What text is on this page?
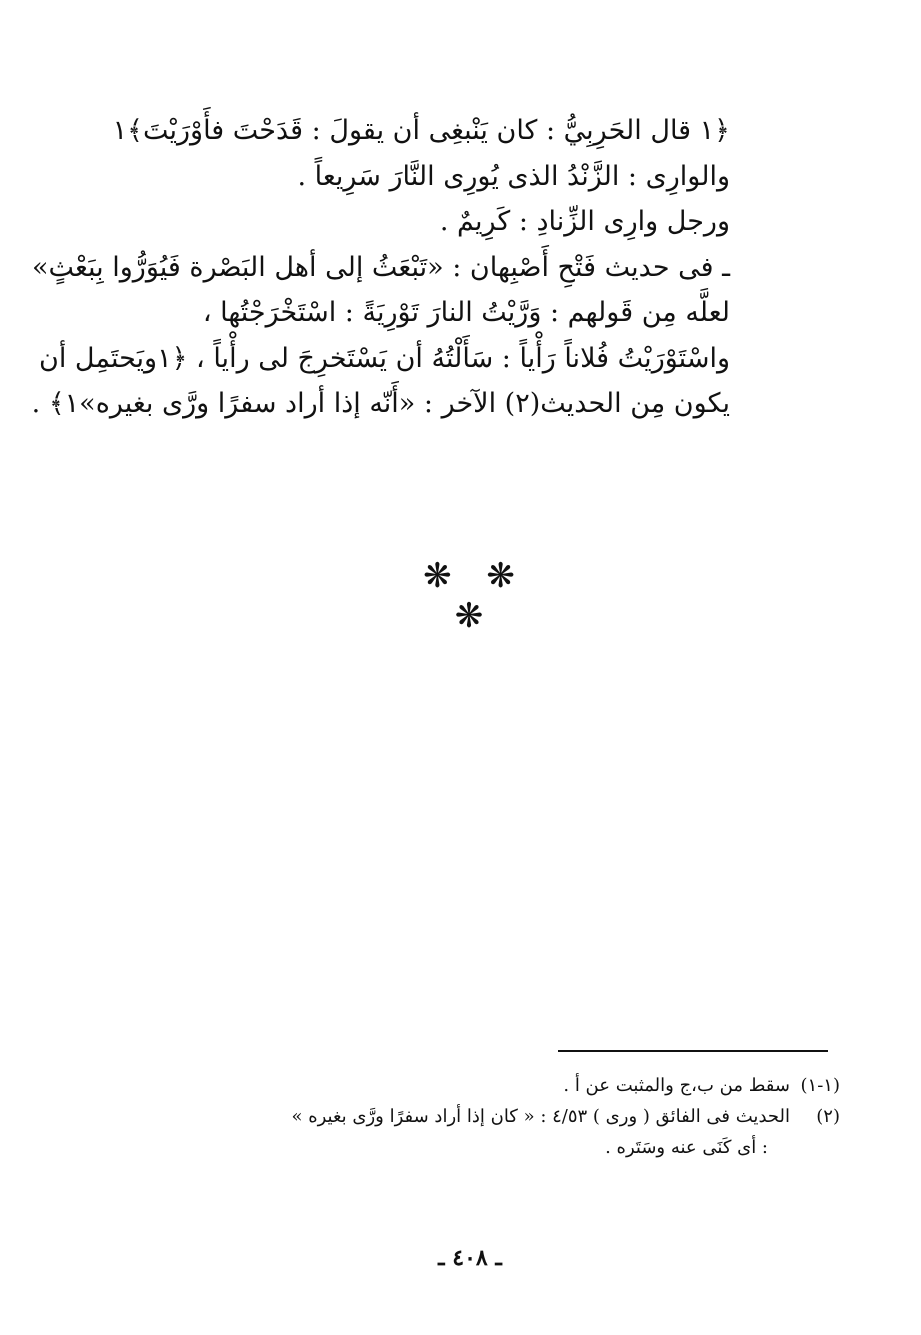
﴿١ قال الحَرِبِيُّ : كان يَنْبغِى أن يقولَ : قَدَحْتَ فأَوْرَيْتَ﴾١
والوارِى : الزَّنْدُ الذى يُورِى النَّارَ سَرِيعاً .
ورجل وارِى الزِّنادِ : كَرِيمٌ .
ـ فى حديث فَتْحِ أَصْبِهان : «تَبْعَثُ إلى أهل البَصْرة فَيُوَرُّوا بِبَعْثٍ»
لعلَّه مِن قَولهم : وَرَّيْتُ النارَ تَوْرِيَةً : اسْتَخْرَجْتُها ،
واسْتَوْرَيْتُ فُلاناً رَأْياً : سَأَلْتُهُ أن يَسْتَخرِجَ لى رأْياً ، ﴿١ويَحتَمِل أن
يكون مِن الحديث(٢) الآخر : «أَنّه إذا أراد سفرًا ورَّى بغيره»١﴾ .
❋ ❋ ❋
(١-١)
سقط من ب،ج والمثبت عن أ .
(٢)
الحديث فى الفائق ( ورى ) ٤/٥٣ : « كان إذا أراد سفرًا ورَّى بغيره »
: أى كَنَى عنه وسَتَره .
ـ ٤٠٨ ـ
